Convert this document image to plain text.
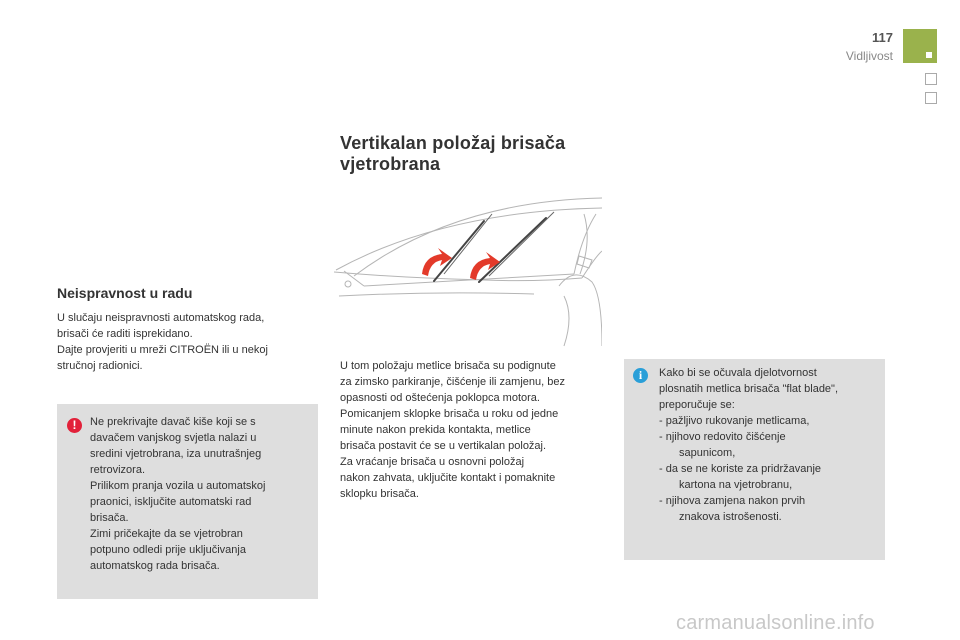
117
Vidljivost
Vertikalan položaj brisača
vjetrobrana
U tom položaju metlice brisača su podignute
za zimsko parkiranje, čišćenje ili zamjenu, bez
opasnosti od oštećenja poklopca motora.
Pomicanjem sklopke brisača u roku od jedne
minute nakon prekida kontakta, metlice
brisača postavit će se u vertikalan položaj.
Za vraćanje brisača u osnovni položaj
nakon zahvata, uključite kontakt i pomaknite
sklopku brisača.
Neispravnost u radu
U slučaju neispravnosti automatskog rada,
brisači će raditi isprekidano.
Dajte provjeriti u mreži CITROËN ili u nekoj
stručnoj radionici.
!	Ne prekrivajte davač kiše koji se s
davačem vanjskog svjetla nalazi u
sredini vjetrobrana, iza unutrašnjeg
retrovizora.
Prilikom pranja vozila u automatskoj
praonici, isključite automatski rad
brisača.
Zimi pričekajte da se vjetrobran
potpuno odledi prije uključivanja
automatskog rada brisača.
i	Kako bi se očuvala djelotvornost
plosnatih metlica brisača "flat blade",
preporučuje se:
- pažljivo rukovanje metlicama,
- njihovo redovito čišćenje
sapunicom,
- da se ne koriste za pridržavanje
kartona na vjetrobranu,
- njihova zamjena nakon prvih
znakova istrošenosti.
carmanualsonline.info
